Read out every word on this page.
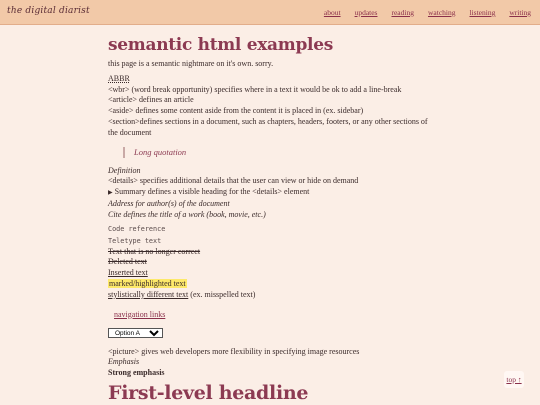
the digital diarist	about updates reading watching listening writing
semantic html examples
this page is a semantic nightmare on it's own. sorry.
ABBR
<wbr> (word break opportunity) specifies where in a text it would be ok to add a line-break
<article> defines an article
<aside> defines some content aside from the content it is placed in (ex. sidebar)
<section>defines sections in a document, such as chapters, headers, footers, or any other sections of the document
Long quotation
Definition
<details> specifies additional details that the user can view or hide on demand
▶ Summary defines a visible heading for the <details> element
Address for author(s) of the document
Cite defines the title of a work (book, movie, etc.)
Code reference
Teletype text
Text that is no longer correct
Deleted text
Inserted text
marked/highlighted text
stylistically different text (ex. misspelled text)
navigation links
Option A
<picture> gives web developers more flexibility in specifying image resources
Emphasis
Strong emphasis
First-level headline
top ↑
